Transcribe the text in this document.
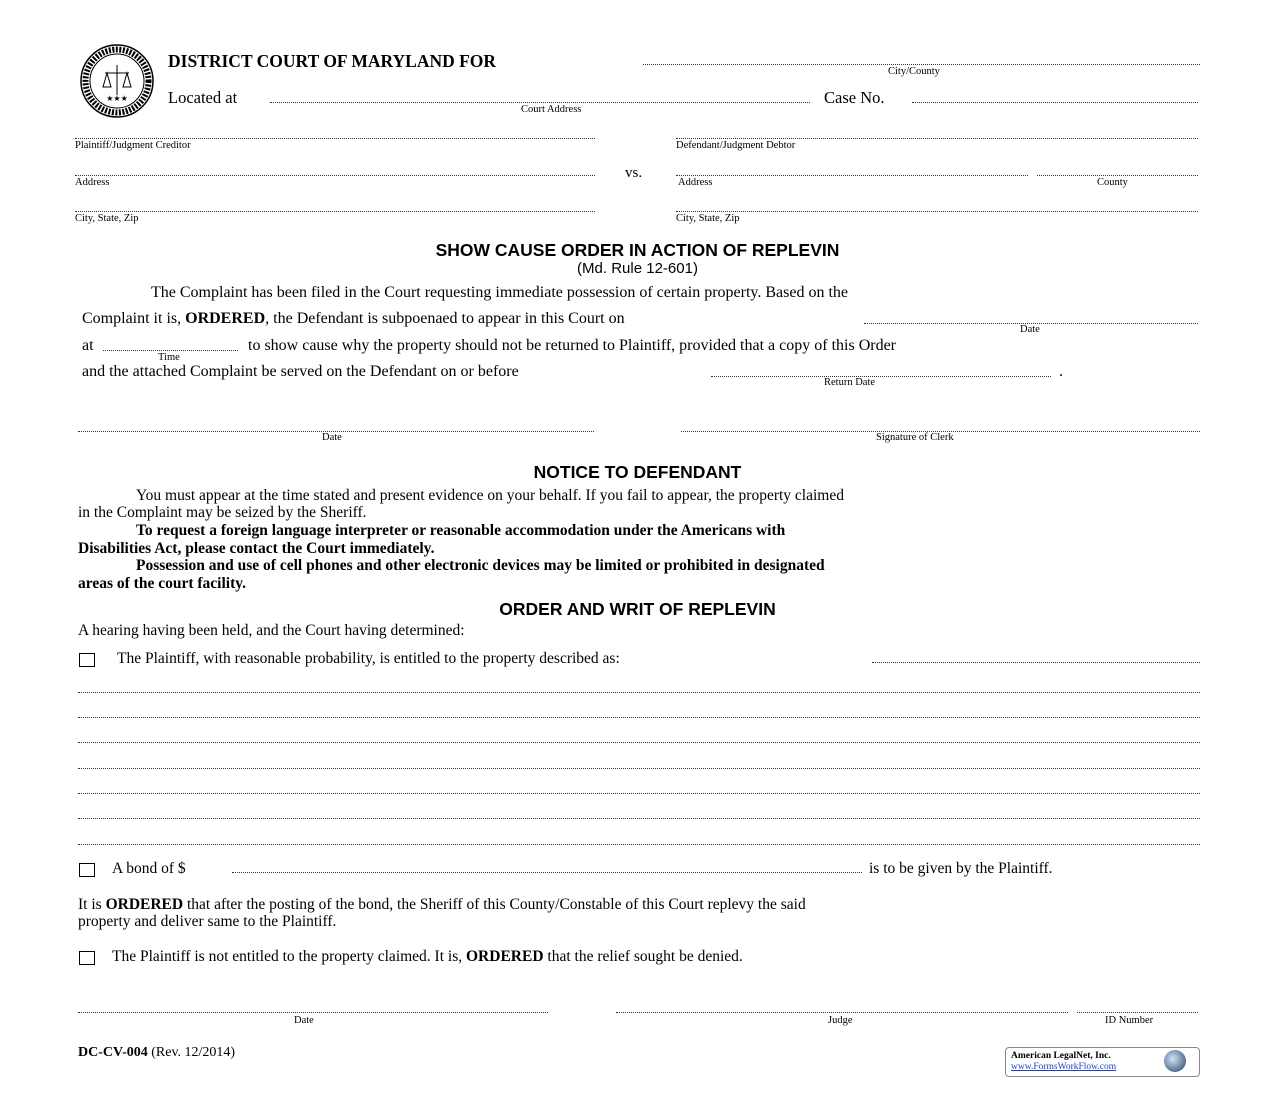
★★★
DISTRICT COURT OF MARYLAND FOR
City/County
Located at
Court Address
Case No.
Plaintiff/Judgment Creditor
Address
City, State, Zip
vs.
Defendant/Judgment Debtor
Address	County
City, State, Zip
SHOW CAUSE ORDER IN ACTION OF REPLEVIN
(Md. Rule 12-601)
The Complaint has been filed in the Court requesting immediate possession of certain property. Based on the
Complaint it is, ORDERED, the Defendant is subpoenaed to appear in this Court on
Date
at
Time
to show cause why the property should not be returned to Plaintiff, provided that a copy of this Order
and the attached Complaint be served on the Defendant on or before	.
Return Date
Date	Signature of Clerk
NOTICE TO DEFENDANT
You must appear at the time stated and present evidence on your behalf. If you fail to appear, the property claimed
in the Complaint may be seized by the Sheriff.
To request a foreign language interpreter or reasonable accommodation under the Americans with
Disabilities Act, please contact the Court immediately.
Possession and use of cell phones and other electronic devices may be limited or prohibited in designated
areas of the court facility.
ORDER AND WRIT OF REPLEVIN
A hearing having been held, and the Court having determined:
The Plaintiff, with reasonable probability, is entitled to the property described as:
A bond of $	is to be given by the Plaintiff.
It is ORDERED that after the posting of the bond, the Sheriff of this County/Constable of this Court replevy the said
property and deliver same to the Plaintiff.
The Plaintiff is not entitled to the property claimed. It is, ORDERED that the relief sought be denied.
Date	Judge	ID Number
DC-CV-004 (Rev. 12/2014)	American LegalNet, Inc.
www.FormsWorkFlow.com
